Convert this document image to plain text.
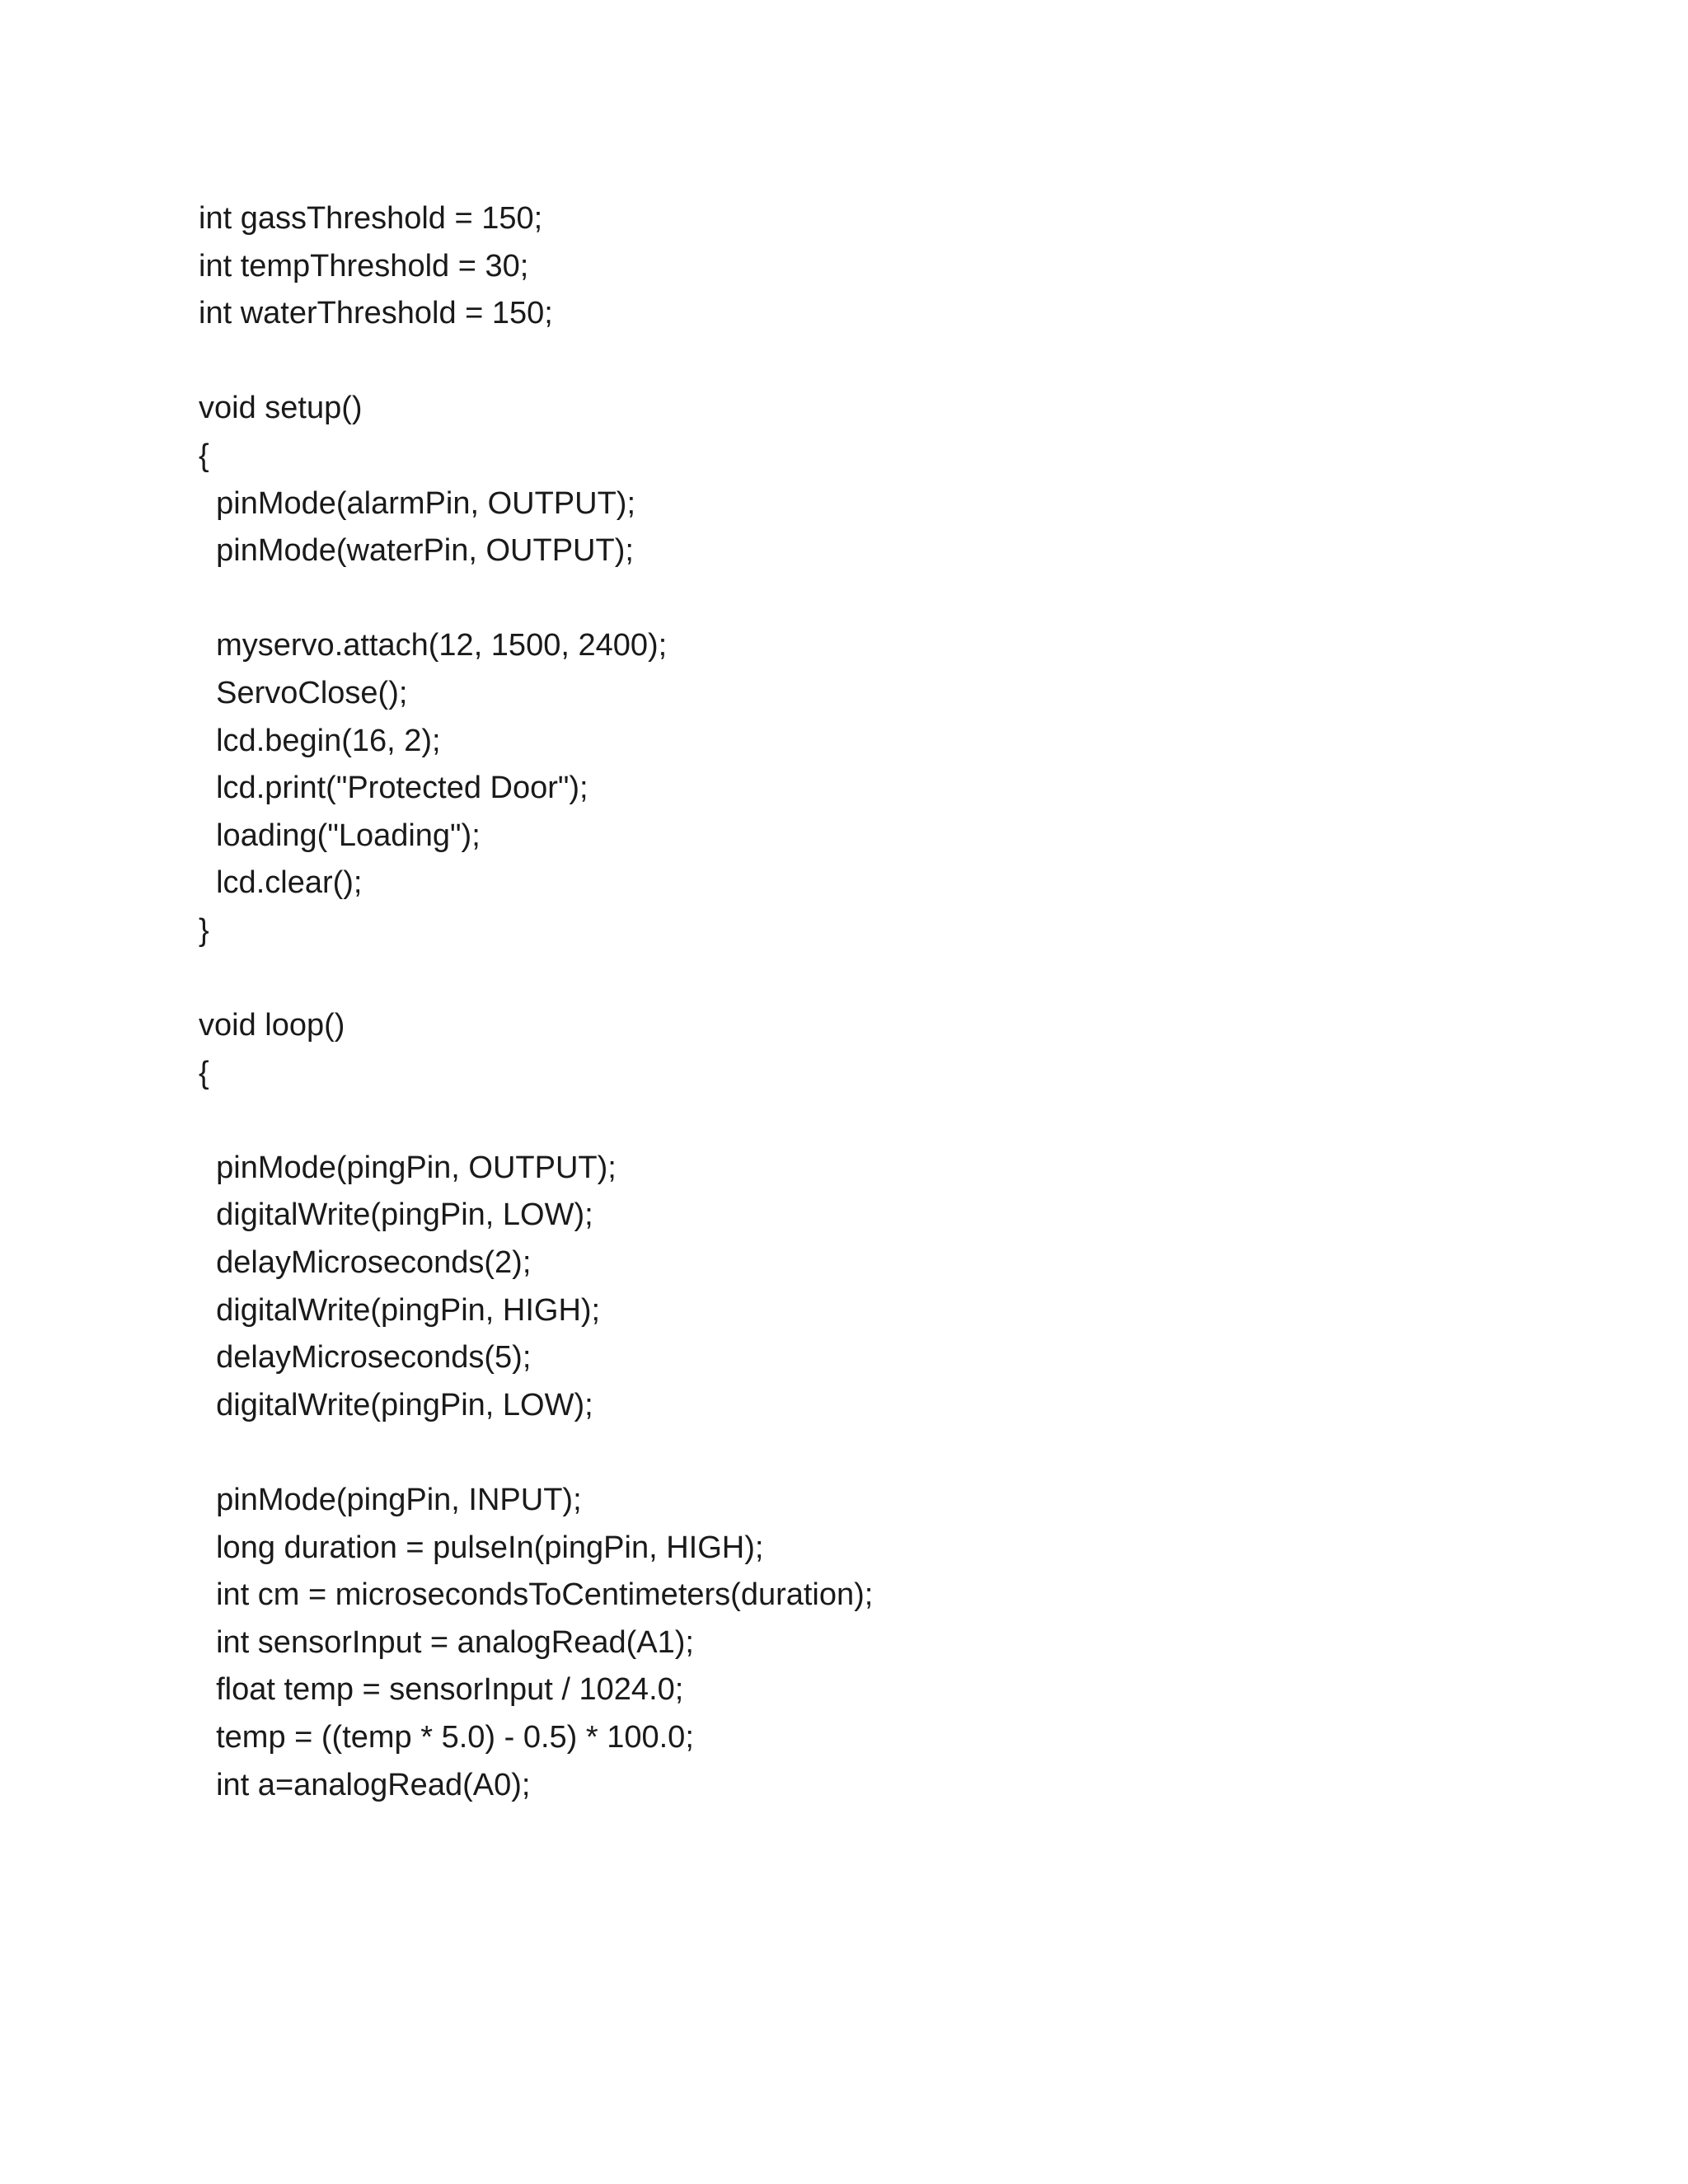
int gassThreshold = 150;
int tempThreshold = 30;
int waterThreshold = 150;
void setup()
{
pinMode(alarmPin, OUTPUT);
pinMode(waterPin, OUTPUT);
myservo.attach(12, 1500, 2400);
ServoClose();
lcd.begin(16, 2);
lcd.print("Protected Door");
loading("Loading");
lcd.clear();
}
void loop()
{
pinMode(pingPin, OUTPUT);
digitalWrite(pingPin, LOW);
delayMicroseconds(2);
digitalWrite(pingPin, HIGH);
delayMicroseconds(5);
digitalWrite(pingPin, LOW);
pinMode(pingPin, INPUT);
long duration = pulseIn(pingPin, HIGH);
int cm = microsecondsToCentimeters(duration);
int sensorInput = analogRead(A1);
float temp = sensorInput / 1024.0;
temp = ((temp * 5.0) - 0.5) * 100.0;
int a=analogRead(A0);
